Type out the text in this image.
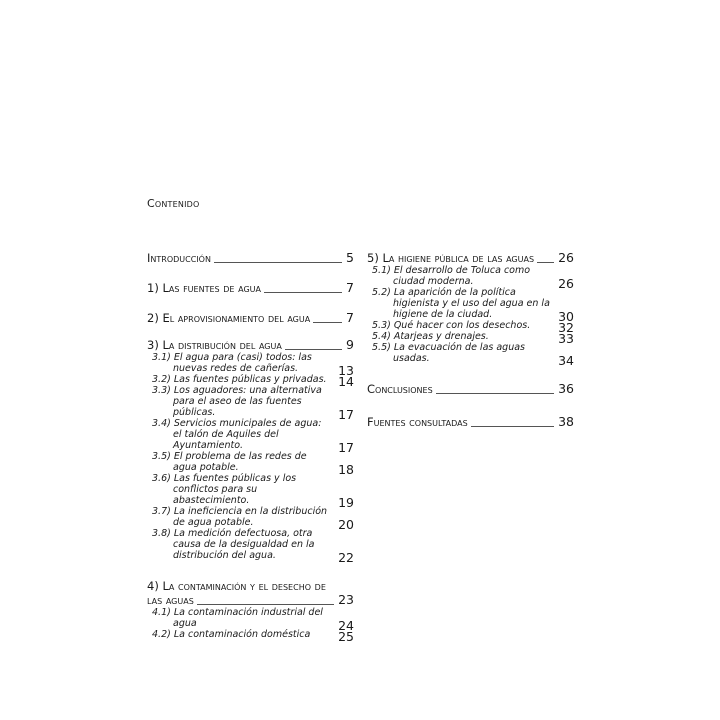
Contenido
Introducción	5
1) Las fuentes de agua	7
2) El aprovisionamiento del agua	7
3) La distribución del agua	9
3.1) El agua para (casi) todos: las nuevas redes de cañerías.	13
3.2) Las fuentes públicas y privadas. 14
3.3) Los aguadores: una alternativa para el aseo de las fuentes públicas.	17
3.4) Servicios municipales de agua: el talón de Aquiles del Ayuntamiento.	17
3.5) El problema de las redes de agua potable.	18
3.6) Las fuentes públicas y los conflictos para su abastecimiento.	19
3.7) La ineficiencia en la distribución de agua potable.	20
3.8) La medición defectuosa, otra causa de la desigualdad en la distribución del agua.	22
4) La contaminación y el desecho de las aguas	23
4.1) La contaminación industrial del agua	24
4.2) La contaminación doméstica 25
5) La higiene pública de las aguas 26
5.1) El desarrollo de Toluca como ciudad moderna.	26
5.2) La aparición de la política higienista y el uso del agua en la higiene de la ciudad.	30
5.3) Qué hacer con los desechos. 32
5.4) Atarjeas y drenajes.	33
5.5) La evacuación de las aguas usadas.	34
Conclusiones	36
Fuentes consultadas	38
